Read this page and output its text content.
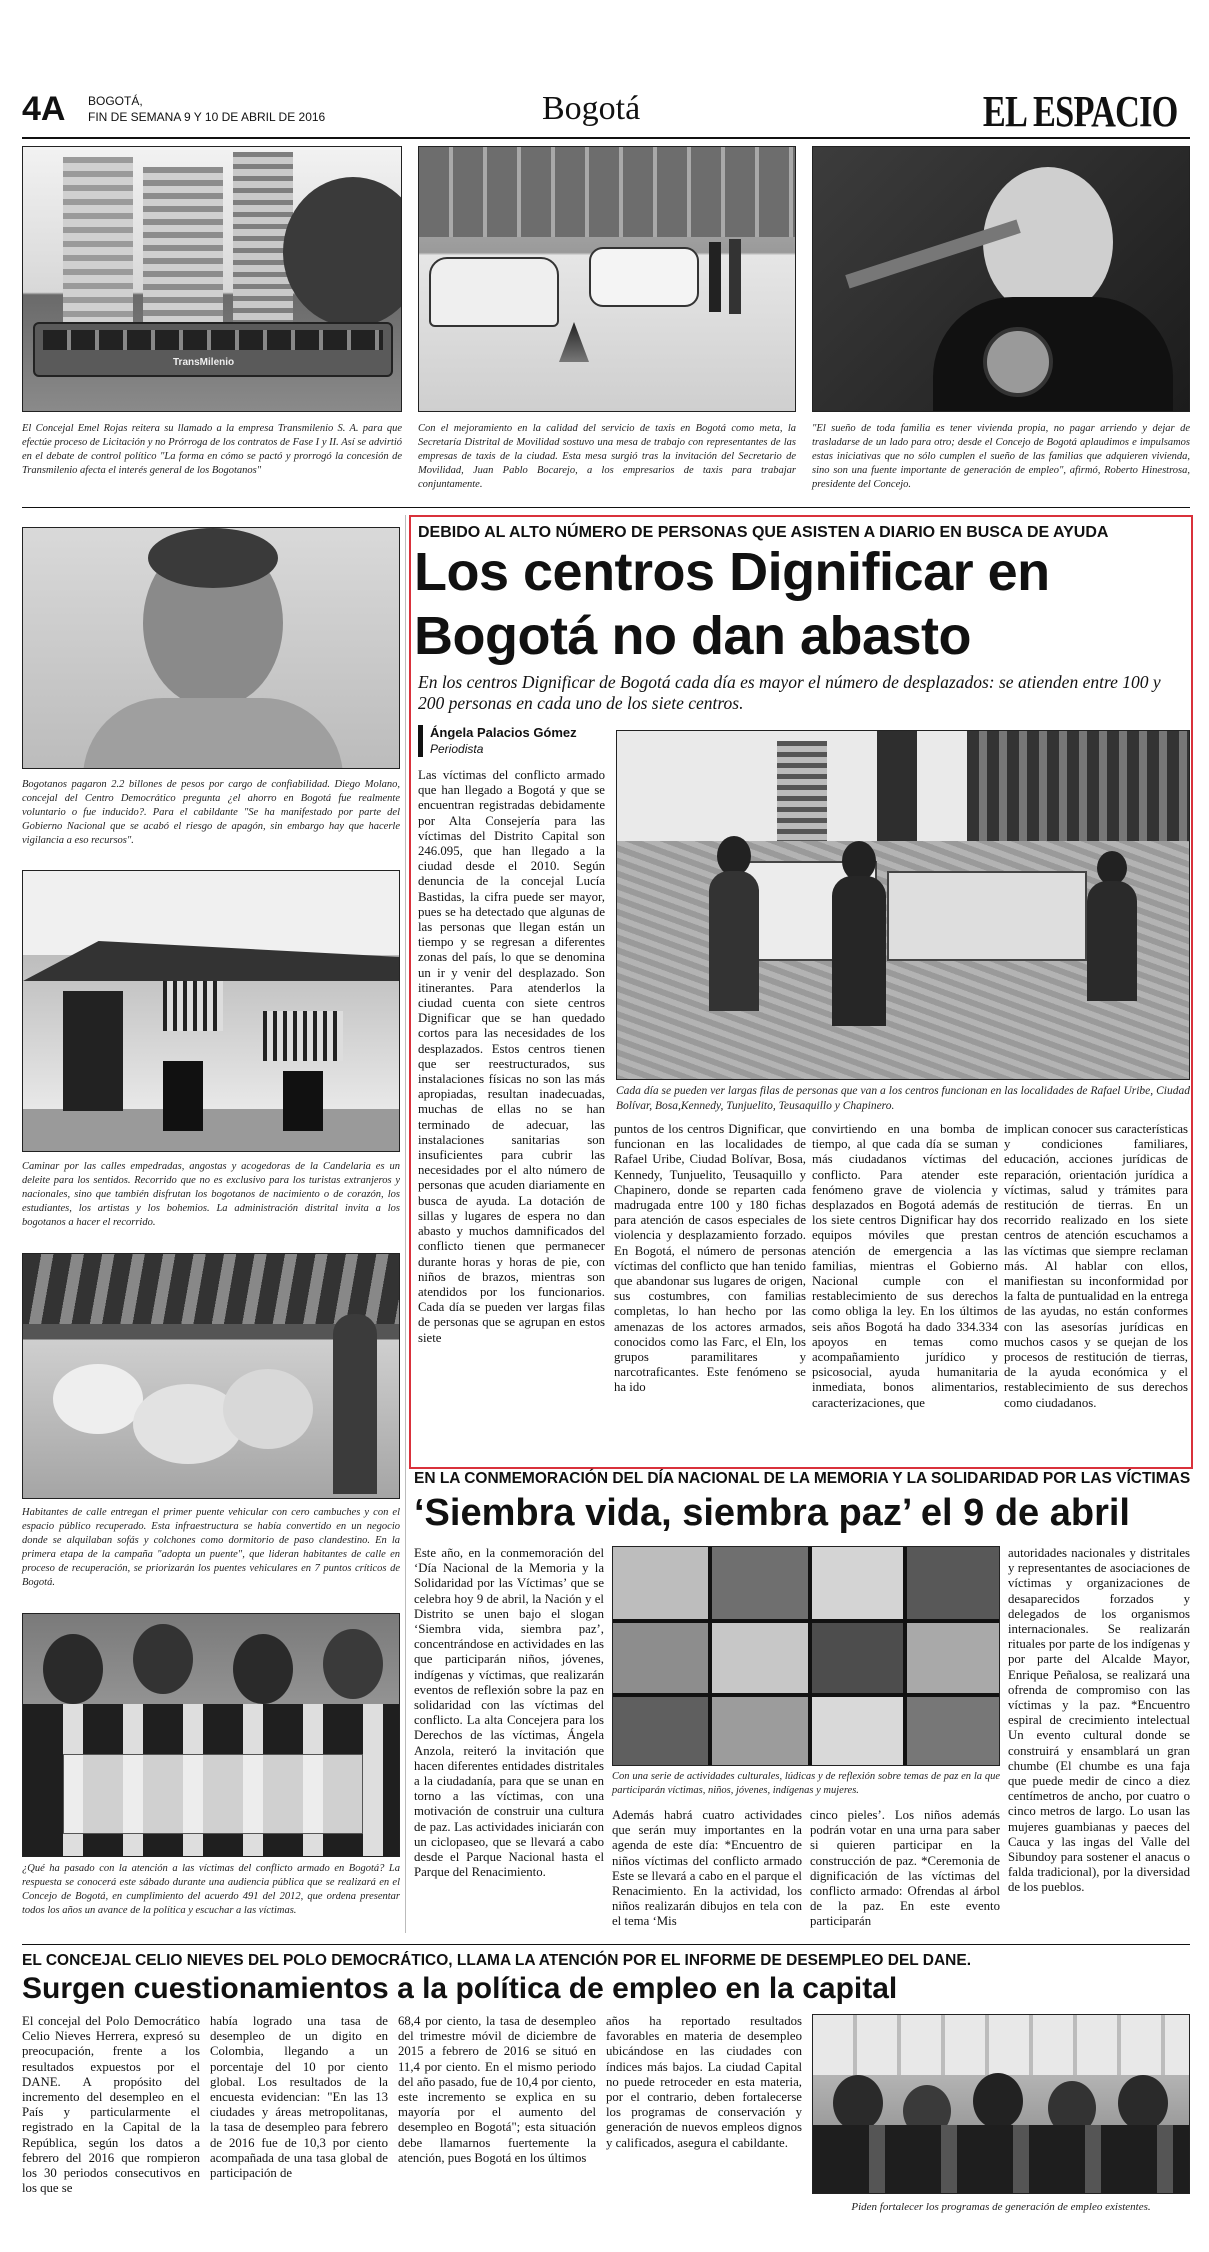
4A BOGOTÁ,
FIN DE SEMANA 9 Y 10 DE ABRIL DE 2016	Bogotá	EL ESPACIO
TransMilenio
El Concejal Emel Rojas reitera su llamado a la empresa Transmilenio S. A. para que efectúe proceso de Licitación y no Prórroga de los contratos de Fase I y II. Así se advirtió en el debate de control político "La forma en cómo se pactó y prorrogó la concesión de Transmilenio afecta el interés general de los Bogotanos"
Con el mejoramiento en la calidad del servicio de taxis en Bogotá como meta, la Secretaría Distrital de Movilidad sostuvo una mesa de trabajo con representantes de las empresas de taxis de la ciudad. Esta mesa surgió tras la invitación del Secretario de Movilidad, Juan Pablo Bocarejo, a los empresarios de taxis para trabajar conjuntamente.
"El sueño de toda familia es tener vivienda propia, no pagar arriendo y dejar de trasladarse de un lado para otro; desde el Concejo de Bogotá aplaudimos e impulsamos estas iniciativas que no sólo cumplen el sueño de las familias que adquieren vivienda, sino son una fuente importante de generación de empleo", afirmó, Roberto Hinestrosa, presidente del Concejo.
Bogotanos pagaron 2.2 billones de pesos por cargo de confiabilidad. Diego Molano, concejal del Centro Democrático pregunta ¿el ahorro en Bogotá fue realmente voluntario o fue inducido?. Para el cabildante "Se ha manifestado por parte del Gobierno Nacional que se acabó el riesgo de apagón, sin embargo hay que hacerle vigilancia a eso recursos".
Caminar por las calles empedradas, angostas y acogedoras de la Candelaria es un deleite para los sentidos. Recorrido que no es exclusivo para los turistas extranjeros y nacionales, sino que también disfrutan los bogotanos de nacimiento o de corazón, los estudiantes, los artistas y los bohemios. La administración distrital invita a los bogotanos a hacer el recorrido.
Habitantes de calle entregan el primer puente vehicular con cero cambuches y con el espacio público recuperado. Esta infraestructura se había convertido en un negocio donde se alquilaban sofás y colchones como dormitorio de paso clandestino. En la primera etapa de la campaña "adopta un puente", que lideran habitantes de calle en proceso de recuperación, se priorizarán los puentes vehiculares en 7 puntos críticos de Bogotá.
¿Qué ha pasado con la atención a las víctimas del conflicto armado en Bogotá? La respuesta se conocerá este sábado durante una audiencia pública que se realizará en el Concejo de Bogotá, en cumplimiento del acuerdo 491 del 2012, que ordena presentar todos los años un avance de la política y escuchar a las víctimas.
DEBIDO AL ALTO NÚMERO DE PERSONAS QUE ASISTEN A DIARIO EN BUSCA DE AYUDA
Los centros Dignificar en
Bogotá no dan abasto
En los centros Dignificar de Bogotá cada día es mayor el número de desplazados: se atienden entre 100 y 200 personas en cada uno de los siete centros.
Ángela Palacios Gómez
Periodista
Las víctimas del conflicto armado que han llegado a Bogotá y que se encuentran registradas debidamente por Alta Consejería para las víctimas del Distrito Capital son 246.095, que han llegado a la ciudad desde el 2010. Según denuncia de la concejal Lucía Bastidas, la cifra puede ser mayor, pues se ha detectado que algunas de las personas que llegan están un tiempo y se regresan a diferentes zonas del país, lo que se denomina un ir y venir del desplazado. Son itinerantes. Para atenderlos la ciudad cuenta con siete centros Dignificar que se han quedado cortos para las necesidades de los desplazados. Estos centros tienen que ser reestructurados, sus instalaciones físicas no son las más apropiadas, resultan inadecuadas, muchas de ellas no se han terminado de adecuar, las instalaciones sanitarias son insuficientes para cubrir las necesidades por el alto número de personas que acuden diariamente en busca de ayuda. La dotación de sillas y lugares de espera no dan abasto y muchos damnificados del conflicto tienen que permanecer durante horas y horas de pie, con niños de brazos, mientras son atendidos por los funcionarios. Cada día se pueden ver largas filas de personas que se agrupan en estos siete
Cada día se pueden ver largas filas de personas que van a los centros funcionan en las localidades de Rafael Uribe, Ciudad Bolívar, Bosa,Kennedy, Tunjuelito, Teusaquillo y Chapinero.
puntos de los centros Dignificar, que funcionan en las localidades de Rafael Uribe, Ciudad Bolívar, Bosa, Kennedy, Tunjuelito, Teusaquillo y Chapinero, donde se reparten cada madrugada entre 100 y 180 fichas para atención de casos especiales de violencia y desplazamiento forzado. En Bogotá, el número de personas víctimas del conflicto que han tenido que abandonar sus lugares de origen, sus costumbres, con familias completas, lo han hecho por las amenazas de los actores armados, conocidos como las Farc, el Eln, los grupos paramilitares y narcotraficantes. Este fenómeno se ha ido
convirtiendo en una bomba de tiempo, al que cada día se suman más ciudadanos víctimas del conflicto. Para atender este fenómeno grave de violencia y desplazados en Bogotá además de los siete centros Dignificar hay dos equipos móviles que prestan atención de emergencia a las familias, mientras el Gobierno Nacional cumple con el restablecimiento de sus derechos como obliga la ley. En los últimos seis años Bogotá ha dado 334.334 apoyos en temas como acompañamiento jurídico y psicosocial, ayuda humanitaria inmediata, bonos alimentarios, caracterizaciones, que
implican conocer sus características y condiciones familiares, educación, acciones jurídicas de reparación, orientación jurídica a víctimas, salud y trámites para restitución de tierras. En un recorrido realizado en los siete centros de atención escuchamos a las víctimas que siempre reclaman más. Al hablar con ellos, manifiestan su inconformidad por la falta de puntualidad en la entrega de las ayudas, no están conformes con las asesorías jurídicas en muchos casos y se quejan de los procesos de restitución de tierras, de la ayuda económica y el restablecimiento de sus derechos como ciudadanos.
EN LA CONMEMORACIÓN DEL DÍA NACIONAL DE LA MEMORIA Y LA SOLIDARIDAD POR LAS VÍCTIMAS
‘Siembra vida, siembra paz’ el 9 de abril
Este año, en la conmemoración del ‘Día Nacional de la Memoria y la Solidaridad por las Víctimas’ que se celebra hoy 9 de abril, la Nación y el Distrito se unen bajo el slogan ‘Siembra vida, siembra paz’, concentrándose en actividades en las que participarán niños, jóvenes, indígenas y víctimas, que realizarán eventos de reflexión sobre la paz en solidaridad con las víctimas del conflicto. La alta Concejera para los Derechos de las víctimas, Ángela Anzola, reiteró la invitación que hacen diferentes entidades distritales a la ciudadanía, para que se unan en torno a las víctimas, con una motivación de construir una cultura de paz. Las actividades iniciarán con un ciclopaseo, que se llevará a cabo desde el Parque Nacional hasta el Parque del Renacimiento.
Con una serie de actividades culturales, lúdicas y de reflexión sobre temas de paz en la que participarán víctimas, niños, jóvenes, indígenas y mujeres.
Además habrá cuatro actividades que serán muy importantes en la agenda de este día: *Encuentro de niños víctimas del conflicto armado Este se llevará a cabo en el parque el Renacimiento. En la actividad, los niños realizarán dibujos en tela con el tema ‘Mis
cinco pieles’. Los niños además podrán votar en una urna para saber si quieren participar en la construcción de paz. *Ceremonia de dignificación de las víctimas del conflicto armado: Ofrendas al árbol de la paz. En este evento participarán
autoridades nacionales y distritales y representantes de asociaciones de víctimas y organizaciones de desaparecidos forzados y delegados de los organismos internacionales. Se realizarán rituales por parte de los indígenas y por parte del Alcalde Mayor, Enrique Peñalosa, se realizará una ofrenda de compromiso con las víctimas y la paz. *Encuentro espiral de crecimiento intelectual Un evento cultural donde se construirá y ensamblará un gran chumbe (El chumbe es una faja que puede medir de cinco a diez centímetros de ancho, por cuatro o cinco metros de largo. Lo usan las mujeres guambianas y paeces del Cauca y las ingas del Valle del Sibundoy para sostener el anacus o falda tradicional), por la diversidad de los pueblos.
EL CONCEJAL CELIO NIEVES DEL POLO DEMOCRÁTICO, LLAMA LA ATENCIÓN POR EL INFORME DE DESEMPLEO DEL DANE.
Surgen cuestionamientos a la política de empleo en la capital
El concejal del Polo Democrático Celio Nieves Herrera, expresó su preocupación, frente a los resultados expuestos por el DANE. A propósito del incremento del desempleo en el País y particularmente el registrado en la Capital de la República, según los datos a febrero del 2016 que rompieron los 30 periodos consecutivos en los que se
había logrado una tasa de desempleo de un digito en Colombia, llegando a un porcentaje del 10 por ciento global. Los resultados de la encuesta evidencian: "En las 13 ciudades y áreas metropolitanas, la tasa de desempleo para febrero de 2016 fue de 10,3 por ciento acompañada de una tasa global de participación de
68,4 por ciento, la tasa de desempleo del trimestre móvil de diciembre de 2015 a febrero de 2016 se situó en 11,4 por ciento. En el mismo periodo del año pasado, fue de 10,4 por ciento, este incremento se explica en su mayoría por el aumento del desempleo en Bogotá"; esta situación debe llamarnos fuertemente la atención, pues Bogotá en los últimos
años ha reportado resultados favorables en materia de desempleo ubicándose en las ciudades con índices más bajos. La ciudad Capital no puede retroceder en esta materia, por el contrario, deben fortalecerse los programas de conservación y generación de nuevos empleos dignos y calificados, asegura el cabildante.
Piden fortalecer los programas de generación de empleo existentes.
